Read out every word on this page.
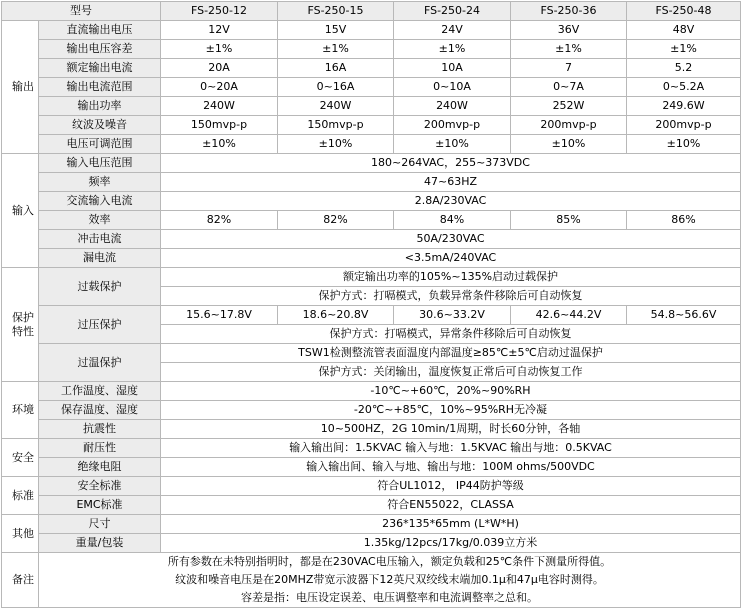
型号		FS-250-12	FS-250-15	FS-250-24	FS-250-36	FS-250-48
输出	直流输出电压	12V	15V	24V	36V	48V
	输出电压容差	±1%	±1%	±1%	±1%	±1%
	额定输出电流	20A	16A	10A	7	5.2
	输出电流范围	0~20A	0~16A	0~10A	0~7A	0~5.2A
	输出功率	240W	240W	240W	252W	249.6W
	纹波及噪音	150mvp-p	150mvp-p	200mvp-p	200mvp-p	200mvp-p
	电压可调范围	±10%	±10%	±10%	±10%	±10%
输入	输入电压范围	180~264VAC，255~373VDC				
	频率	47~63HZ				
	交流输入电流	2.8A/230VAC				
	效率	82%	82%	84%	85%	86%
	冲击电流	50A/230VAC				
	漏电流	<3.5mA/240VAC				
保护特性	过载保护	额定输出功率的105%~135%启动过载保护				
		保护方式：打嗝模式，负载异常条件移除后可自动恢复				
	过压保护	15.6~17.8V	18.6~20.8V	30.6~33.2V	42.6~44.2V	54.8~56.6V
		保护方式：打嗝模式，异常条件移除后可自动恢复				
	过温保护	TSW1检测整流管表面温度内部温度≥85℃±5℃启动过温保护				
		保护方式：关闭输出，温度恢复正常后可自动恢复工作				
环境	工作温度、湿度	-10℃~+60℃，20%~90%RH				
	保存温度、湿度	-20℃~+85℃，10%~95%RH无冷凝				
	抗震性	10~500HZ，2G 10min/1周期，时长60分钟，各轴				
安全	耐压性	输入输出间：1.5KVAC 输入与地：1.5KVAC 输出与地：0.5KVAC				
	绝缘电阻	输入输出间、输入与地、输出与地：100M ohms/500VDC				
标准	安全标准	符合UL1012， IP44防护等级				
	EMC标准	符合EN55022，CLASSA				
其他	尺寸	236*135*65mm (L*W*H)				
	重量/包装	1.35kg/12pcs/17kg/0.039立方米				
备注	所有参数在未特别指明时，都是在230VAC电压输入，额定负载和25℃条件下测量所得值。
纹波和噪音电压是在20MHZ带宽示波器下12英尺双绞线末端加0.1μ和47μ电容时测得。
容差是指：电压设定误差、电压调整率和电流调整率之总和。					
